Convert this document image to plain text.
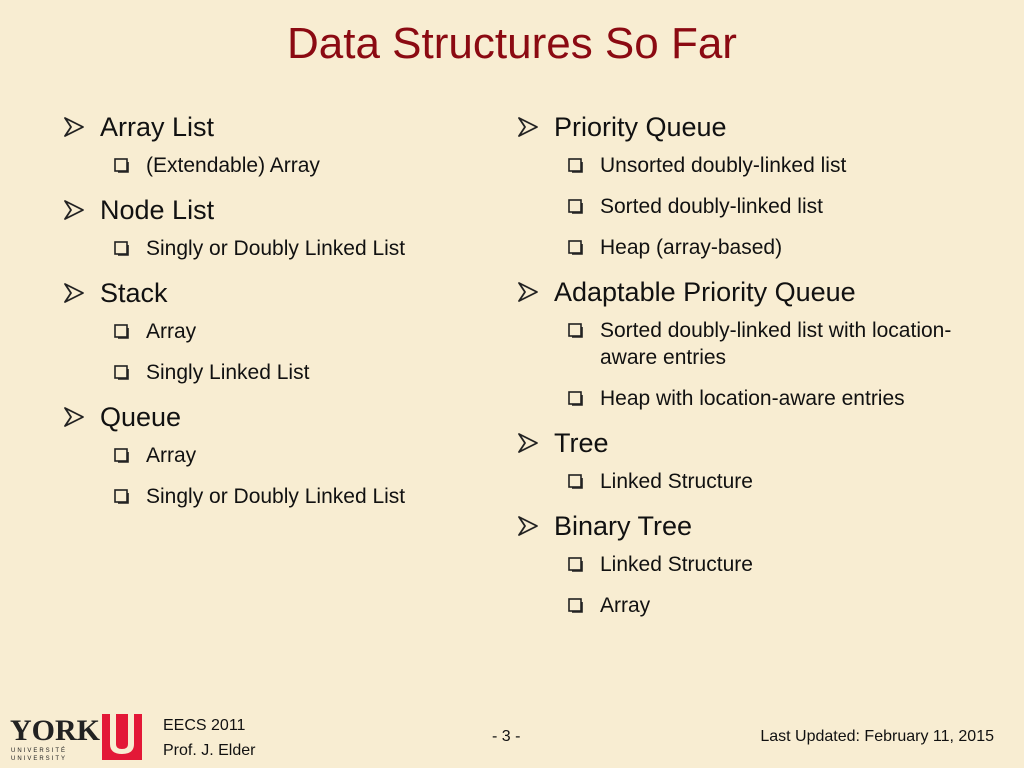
Data Structures So Far
Array List
(Extendable) Array
Node List
Singly or Doubly Linked List
Stack
Array
Singly Linked List
Queue
Array
Singly or Doubly Linked List
Priority Queue
Unsorted doubly-linked list
Sorted doubly-linked list
Heap (array-based)
Adaptable Priority Queue
Sorted doubly-linked list with location-aware entries
Heap with location-aware entries
Tree
Linked Structure
Binary Tree
Linked Structure
Array
YORK
UNIVERSITÉ
UNIVERSITY
EECS 2011
Prof. J. Elder
- 3 -	Last Updated: February 11, 2015
